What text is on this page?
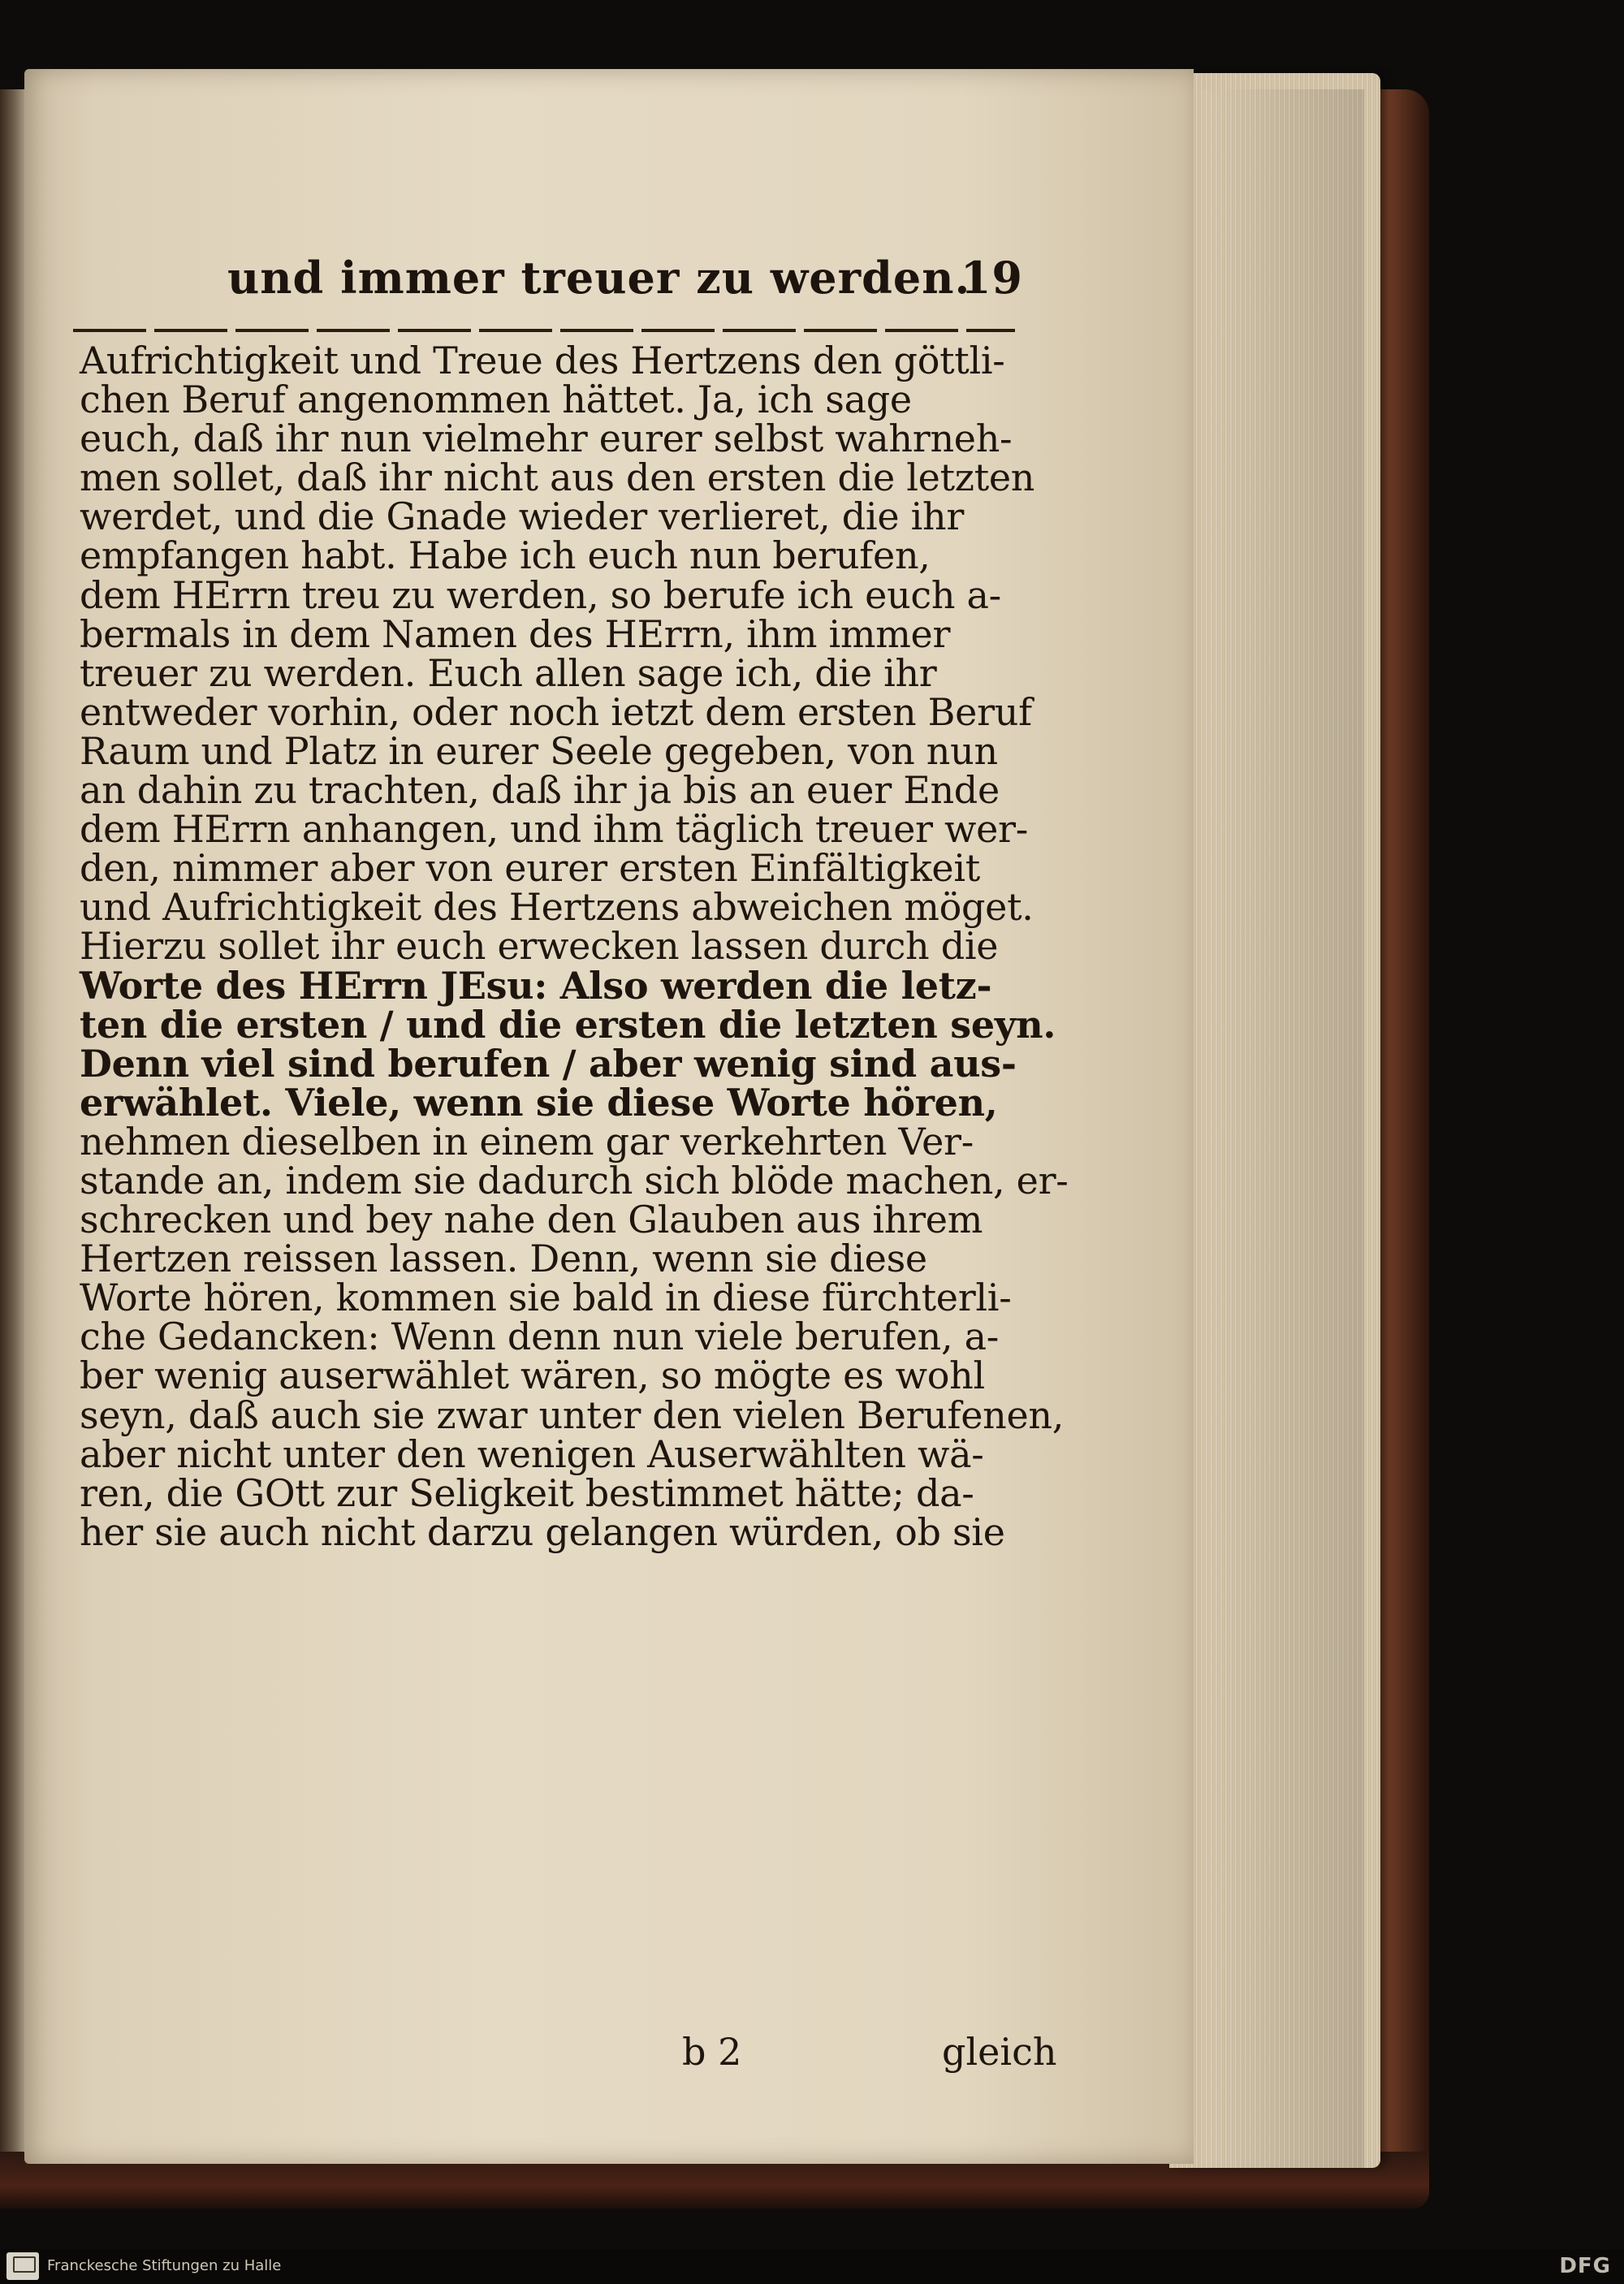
und immer treuer zu werden.
19
Aufrichtigkeit und Treue des Hertzens den göttli-
chen Beruf angenommen hättet. Ja, ich sage
euch, daß ihr nun vielmehr eurer selbst wahrneh-
men sollet, daß ihr nicht aus den ersten die letzten
werdet, und die Gnade wieder verlieret, die ihr
empfangen habt. Habe ich euch nun berufen,
dem HErrn treu zu werden, so berufe ich euch a-
bermals in dem Namen des HErrn, ihm immer
treuer zu werden. Euch allen sage ich, die ihr
entweder vorhin, oder noch ietzt dem ersten Beruf
Raum und Platz in eurer Seele gegeben, von nun
an dahin zu trachten, daß ihr ja bis an euer Ende
dem HErrn anhangen, und ihm täglich treuer wer-
den, nimmer aber von eurer ersten Einfältigkeit
und Aufrichtigkeit des Hertzens abweichen möget.
Hierzu sollet ihr euch erwecken lassen durch die
Worte des HErrn JEsu: Also werden die letz-
ten die ersten / und die ersten die letzten seyn.
Denn viel sind berufen / aber wenig sind aus-
erwählet. Viele, wenn sie diese Worte hören,
nehmen dieselben in einem gar verkehrten Ver-
stande an, indem sie dadurch sich blöde machen, er-
schrecken und bey nahe den Glauben aus ihrem
Hertzen reissen lassen. Denn, wenn sie diese
Worte hören, kommen sie bald in diese fürchterli-
che Gedancken: Wenn denn nun viele berufen, a-
ber wenig auserwählet wären, so mögte es wohl
seyn, daß auch sie zwar unter den vielen Berufenen,
aber nicht unter den wenigen Auserwählten wä-
ren, die GOtt zur Seligkeit bestimmet hätte; da-
her sie auch nicht darzu gelangen würden, ob sie
b 2	gleich
Franckesche Stiftungen zu Halle	DFG
